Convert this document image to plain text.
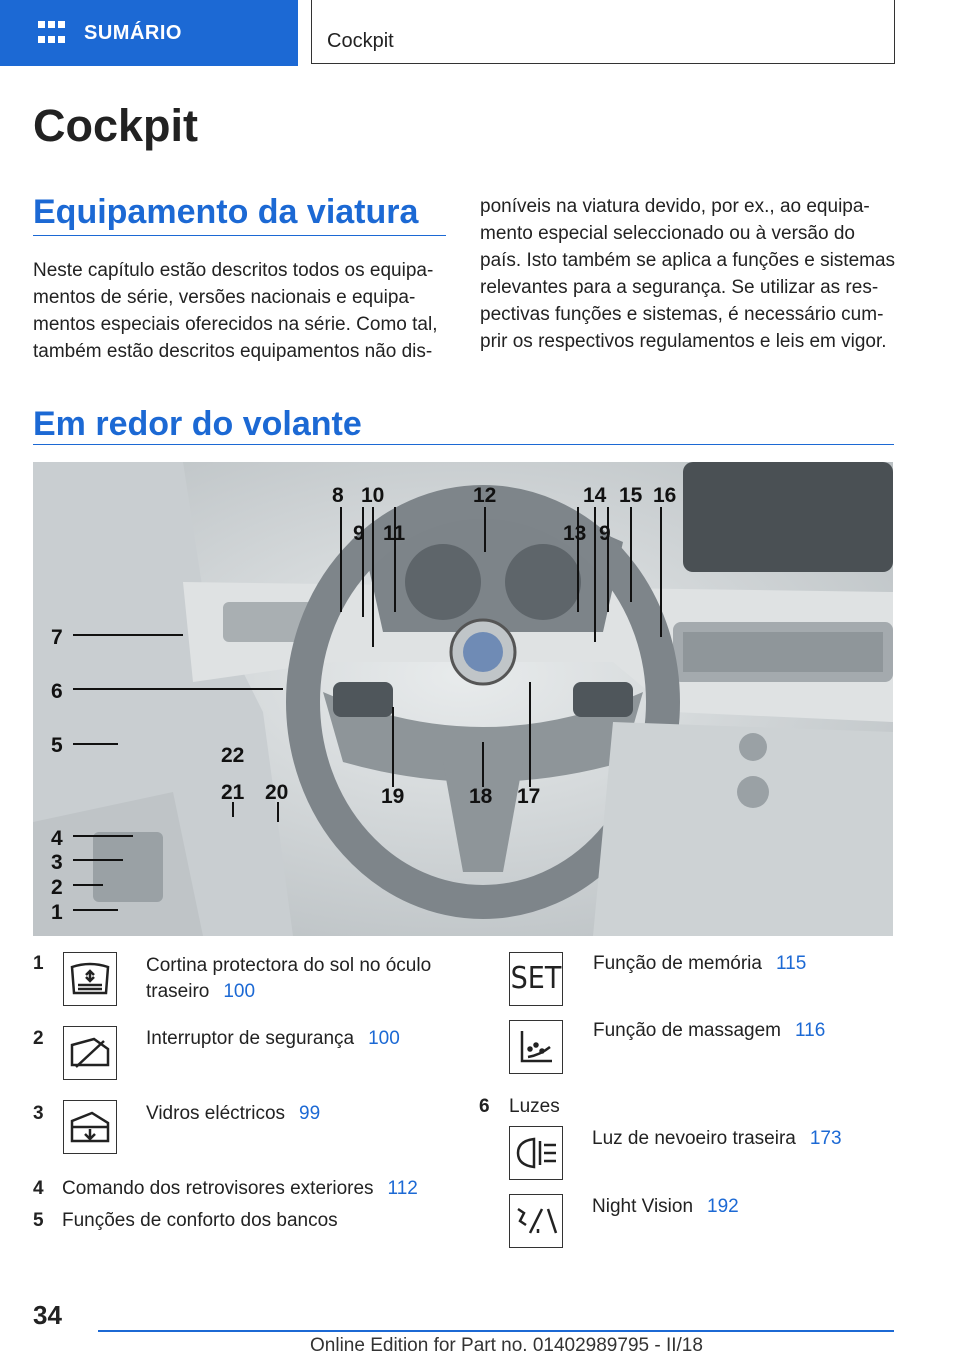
SUMÁRIO	Cockpit
Cockpit
Equipamento da viatura
Neste capítulo estão descritos todos os equipa-
mentos de série, versões nacionais e equipa-
mentos especiais oferecidos na série. Como tal,
também estão descritos equipamentos não dis-
poníveis na viatura devido, por ex., ao equipa-
mento especial seleccionado ou à versão do
país. Isto também se aplica a funções e sistemas
relevantes para a segurança. Se utilizar as res-
pectivas funções e sistemas, é necessário cum-
prir os respectivos regulamentos e leis em vigor.
Em redor do volante
7
6
5
4
3
2
1
8 10	12	14 15 16
9 11	13 9
22
21 20	19	18 17
1	Cortina protectora do sol no óculo
traseiro 100
2	Interruptor de segurança 100
3	Vidros eléctricos 99
4 Comando dos retrovisores exteriores 112
5 Funções de conforto dos bancos
SET Função de memória 115
Função de massagem 116
6 Luzes
Luz de nevoeiro traseira 173
Night Vision 192
34
Online Edition for Part no. 01402989795 - II/18
